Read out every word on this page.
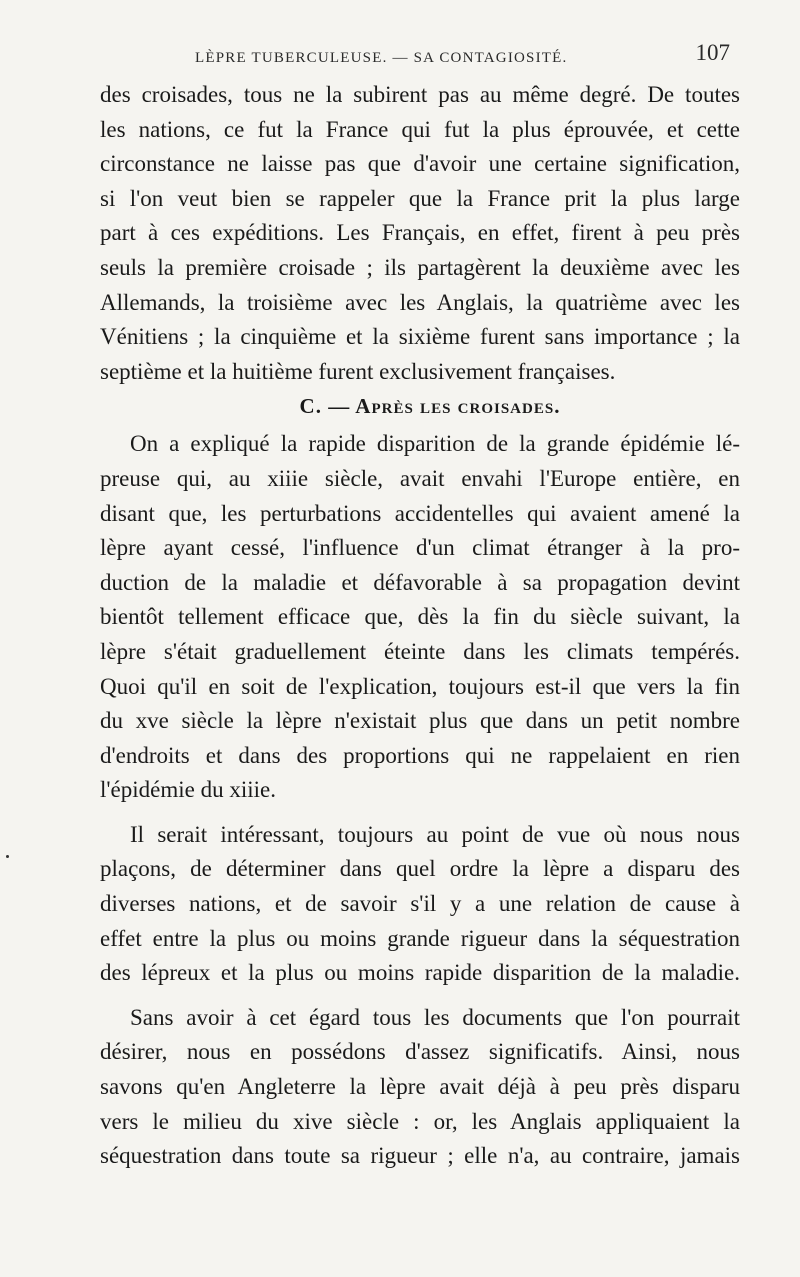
LÈPRE TUBERCULEUSE. — SA CONTAGIOSITÉ.	107
des croisades, tous ne la subirent pas au même degré. De toutes
les nations, ce fut la France qui fut la plus éprouvée, et cette
circonstance ne laisse pas que d'avoir une certaine signification,
si l'on veut bien se rappeler que la France prit la plus large
part à ces expéditions. Les Français, en effet, firent à peu près
seuls la première croisade ; ils partagèrent la deuxième avec les
Allemands, la troisième avec les Anglais, la quatrième avec les
Vénitiens ; la cinquième et la sixième furent sans importance ; la
septième et la huitième furent exclusivement françaises.
C. — Après les croisades.
On a expliqué la rapide disparition de la grande épidémie lé-
preuse qui, au xiiie siècle, avait envahi l'Europe entière, en
disant que, les perturbations accidentelles qui avaient amené la
lèpre ayant cessé, l'influence d'un climat étranger à la pro-
duction de la maladie et défavorable à sa propagation devint
bientôt tellement efficace que, dès la fin du siècle suivant, la
lèpre s'était graduellement éteinte dans les climats tempérés.
Quoi qu'il en soit de l'explication, toujours est-il que vers la fin
du xve siècle la lèpre n'existait plus que dans un petit nombre
d'endroits et dans des proportions qui ne rappelaient en rien
l'épidémie du xiiie.
Il serait intéressant, toujours au point de vue où nous nous
plaçons, de déterminer dans quel ordre la lèpre a disparu des
diverses nations, et de savoir s'il y a une relation de cause à
effet entre la plus ou moins grande rigueur dans la séquestration
des lépreux et la plus ou moins rapide disparition de la maladie.
Sans avoir à cet égard tous les documents que l'on pourrait
désirer, nous en possédons d'assez significatifs. Ainsi, nous
savons qu'en Angleterre la lèpre avait déjà à peu près disparu
vers le milieu du xive siècle : or, les Anglais appliquaient la
séquestration dans toute sa rigueur ; elle n'a, au contraire, jamais
